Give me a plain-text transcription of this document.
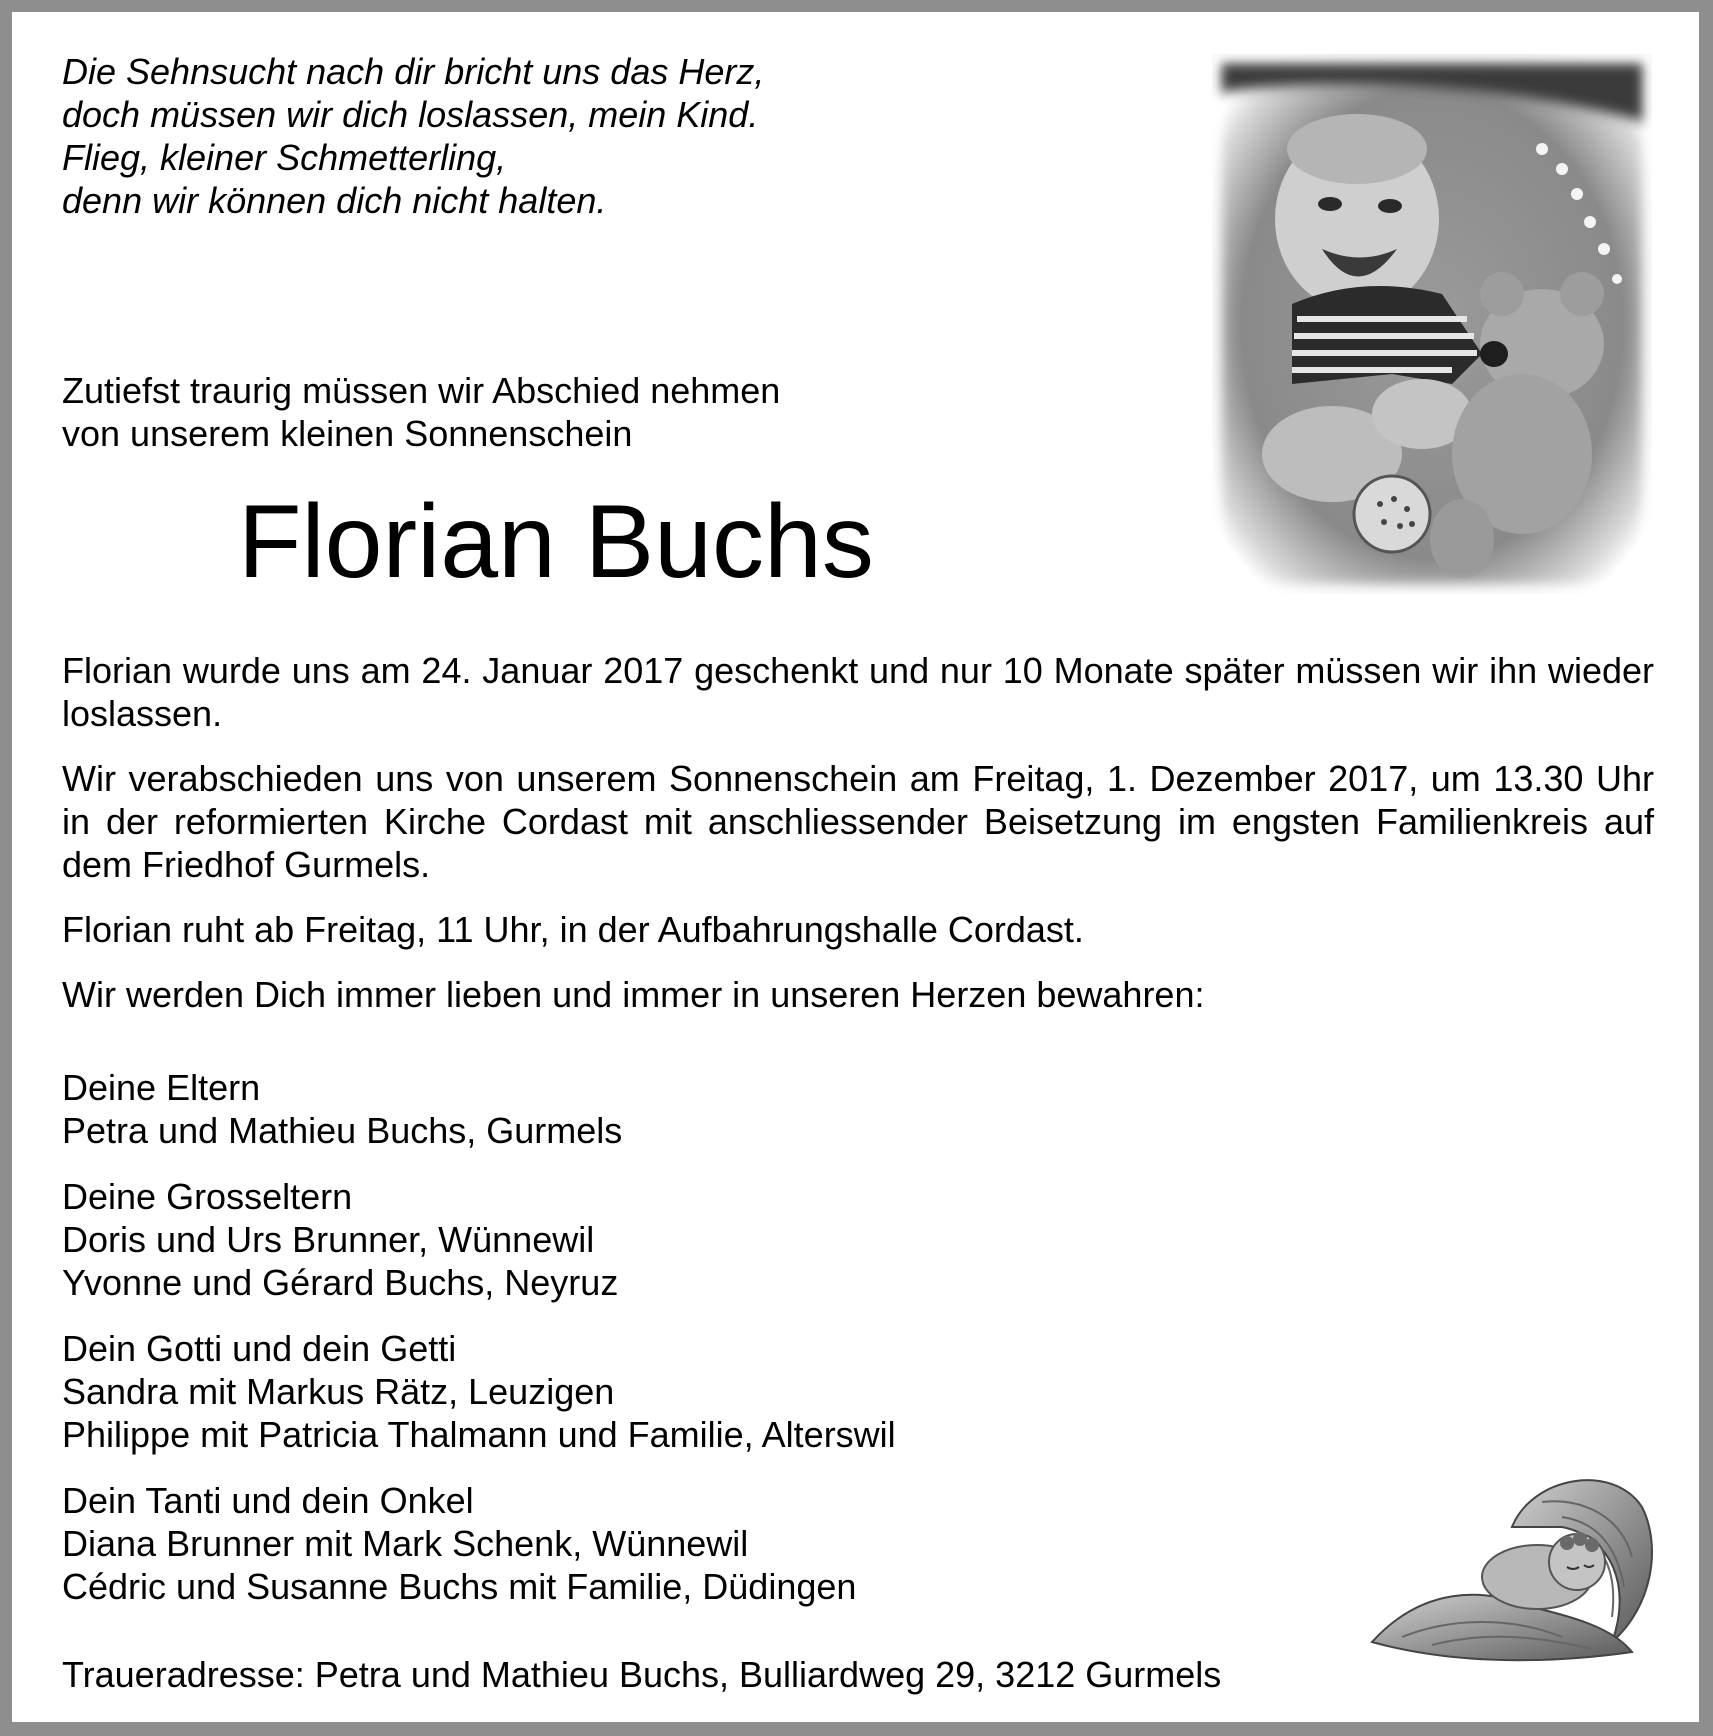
Die Sehnsucht nach dir bricht uns das Herz,
doch müssen wir dich loslassen, mein Kind.
Flieg, kleiner Schmetterling,
denn wir können dich nicht halten.
Zutiefst traurig müssen wir Abschied nehmen
von unserem kleinen Sonnenschein
Florian Buchs

Florian wurde uns am 24. Januar 2017 geschenkt und nur 10 Monate später müssen wir ihn wieder loslassen.

Wir verabschieden uns von unserem Sonnenschein am Freitag, 1. Dezember 2017, um 13.30 Uhr in der reformierten Kirche Cordast mit anschliessender Beisetzung im engsten Familienkreis auf dem Friedhof Gurmels.

Florian ruht ab Freitag, 11 Uhr, in der Aufbahrungshalle Cordast.

Wir werden Dich immer lieben und immer in unseren Herzen bewahren:

Deine Eltern
Petra und Mathieu Buchs, Gurmels
Deine Grosseltern
Doris und Urs Brunner, Wünnewil
Yvonne und Gérard Buchs, Neyruz
Dein Gotti und dein Getti
Sandra mit Markus Rätz, Leuzigen
Philippe mit Patricia Thalmann und Familie, Alterswil
Dein Tanti und dein Onkel
Diana Brunner mit Mark Schenk, Wünnewil
Cédric und Susanne Buchs mit Familie, Düdingen
Traueradresse: Petra und Mathieu Buchs, Bulliardweg 29, 3212 Gurmels
